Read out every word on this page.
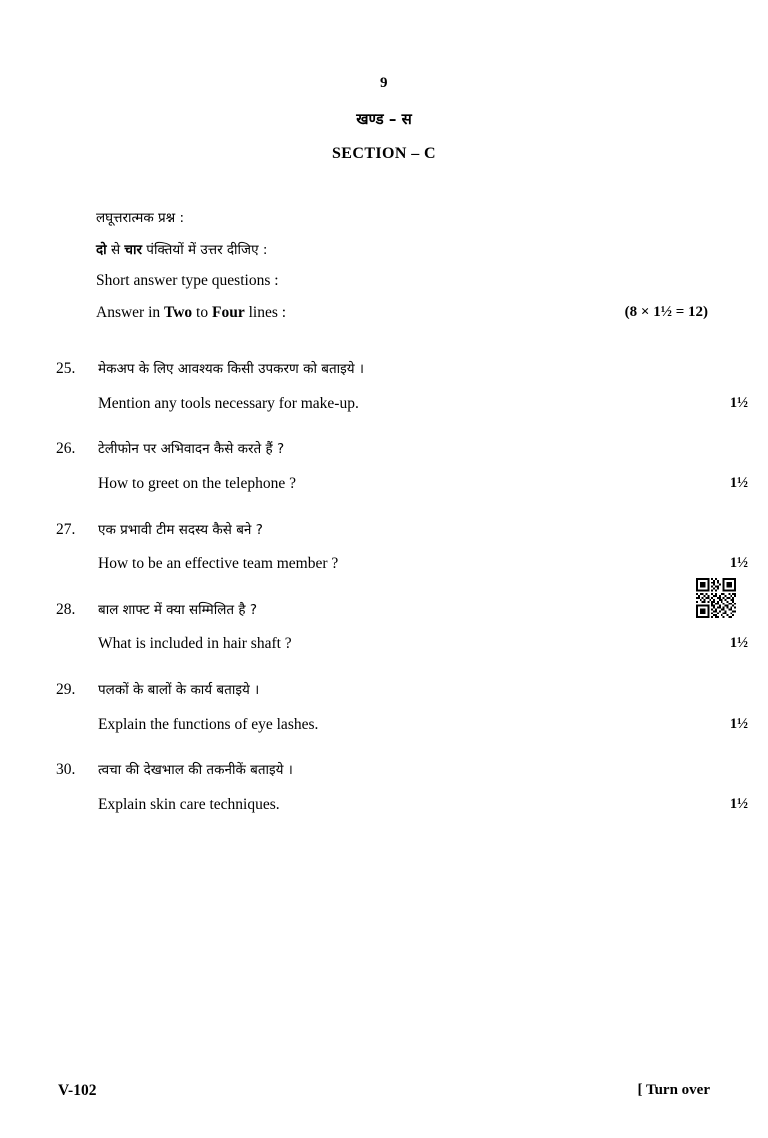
9
खण्ड – स
SECTION – C
लघूत्तरात्मक प्रश्न :
दो से चार पंक्तियों में उत्तर दीजिए :
Short answer type questions :
Answer in Two to Four lines :	(8 × 1½ = 12)
25.	मेकअप के लिए आवश्यक किसी उपकरण को बताइये ।
Mention any tools necessary for make-up.	1½
26.	टेलीफोन पर अभिवादन कैसे करते हैं ?
How to greet on the telephone ?	1½
27.	एक प्रभावी टीम सदस्य कैसे बने ?
How to be an effective team member ?	1½
28.	बाल शाफ्ट में क्या सम्मिलित है ?
What is included in hair shaft ?	1½
29.	पलकों के बालों के कार्य बताइये ।
Explain the functions of eye lashes.	1½
30.	त्वचा की देखभाल की तकनीकें बताइये ।
Explain skin care techniques.	1½
V-102	[ Turn over
